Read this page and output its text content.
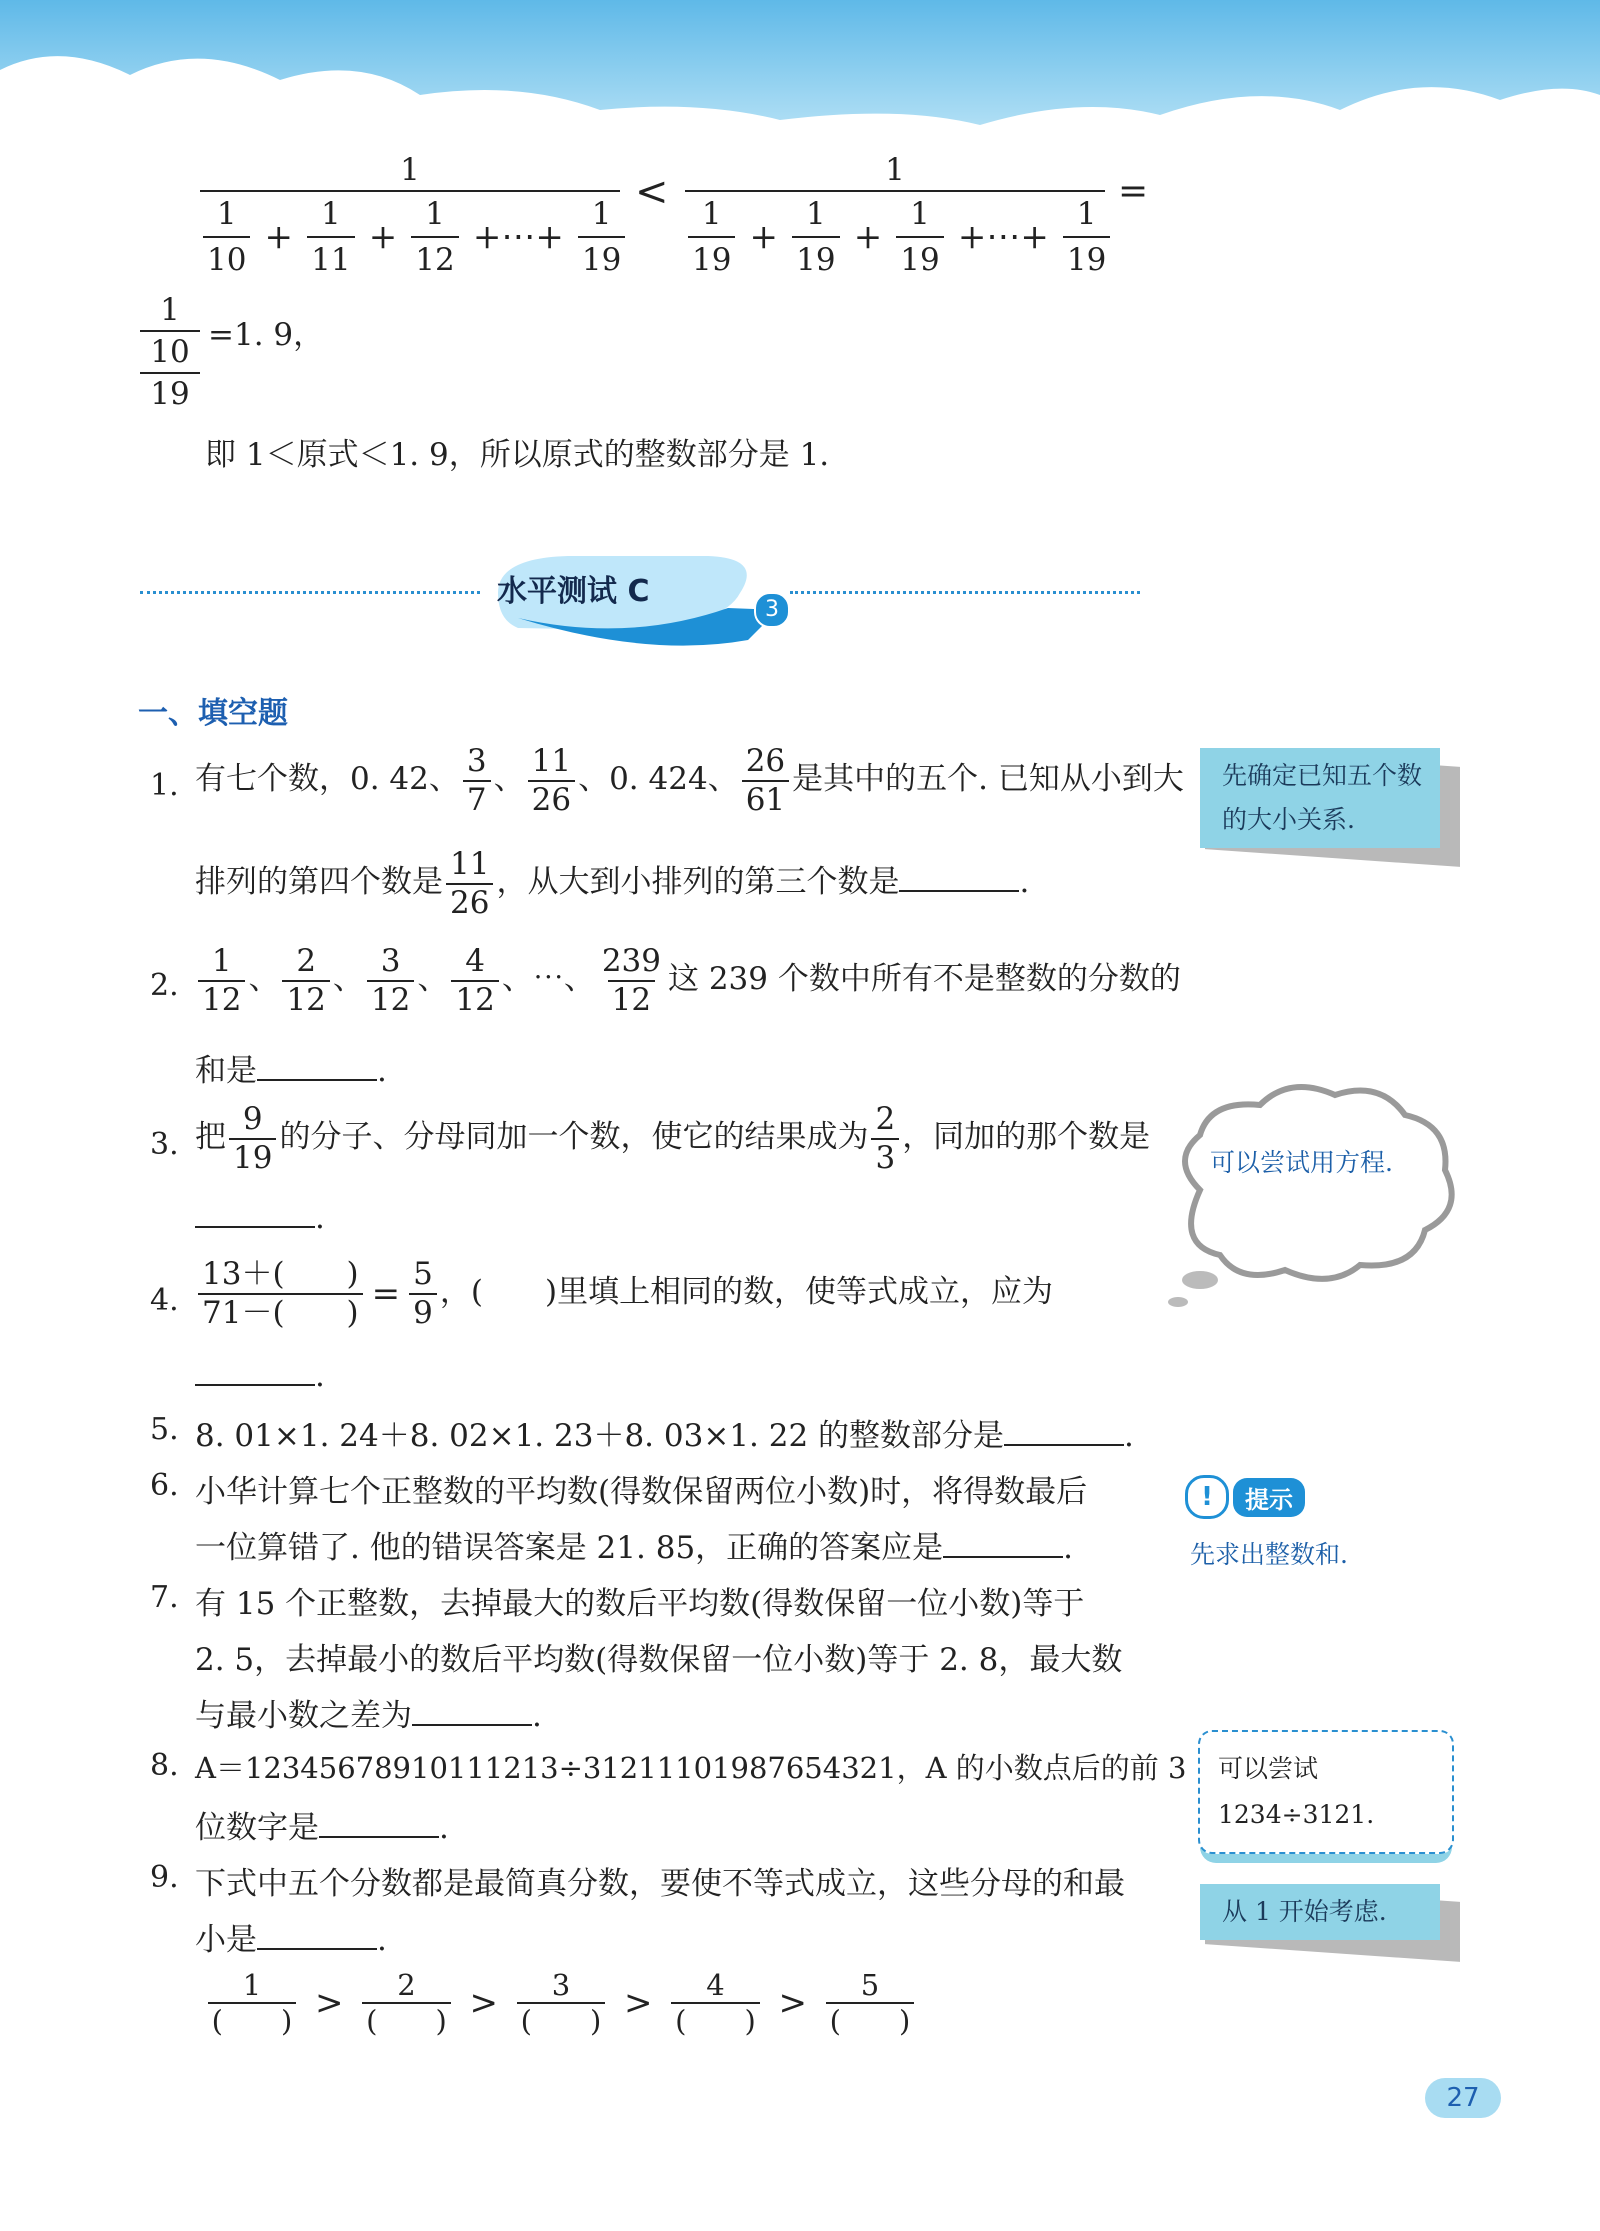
1
$\frac{1}{10} + \frac{1}{11} + \frac{1}{12}$ +⋯+ $\frac{1}{19}$
<	1
$\frac{1}{19} + \frac{1}{19} + \frac{1}{19}$ +⋯+ $\frac{1}{19}$
=
1
10
19
=1. 9，
即 1＜原式＜1. 9，所以原式的整数部分是 1.
水平测试 C
3
一、填空题
1. 有七个数，0. 42、 $\frac{3}{7}$ 、 $\frac{11}{26}$ 、0. 424、 $\frac{26}{61}$ 是其中的五个. 已知从小到大
排列的第四个数是 $\frac{11}{26}$ ，从大到小排列的第三个数是	.
2. $\frac{1}{12}$ 、 $\frac{2}{12}$ 、 $\frac{3}{12}$ 、 $\frac{4}{12}$ 、⋯、 $\frac{239}{12}$ 这 239 个数中所有不是整数的分数的
和是	.
3. 把 $\frac{9}{19}$ 的分子、分母同加一个数，使它的结果成为 $\frac{2}{3}$ ，同加的那个数是
.
4. $\frac{13+( )}{71-( )} = \frac{5}{9}$ ，(　　)里填上相同的数，使等式成立，应为
.
5. 8. 01×1. 24＋8. 02×1. 23＋8. 03×1. 22 的整数部分是	.
6. 小华计算七个正整数的平均数(得数保留两位小数)时，将得数最后
一位算错了. 他的错误答案是 21. 85，正确的答案应是	.
7. 有 15 个正整数，去掉最大的数后平均数(得数保留一位小数)等于
2. 5，去掉最小的数后平均数(得数保留一位小数)等于 2. 8，最大数
与最小数之差为	.
8. A＝12345678910111213÷31211101987654321，A 的小数点后的前 3
位数字是	.
9. 下式中五个分数都是最简真分数，要使不等式成立，这些分母的和最
小是	.
$\frac{1}{( )} > \frac{2}{( )} > \frac{3}{( )} > \frac{4}{( )} > \frac{5}{( )}$
先确定已知五个数的大小关系.
可以尝试用方程.
!	提示
先求出整数和.
可以尝试 1234÷3121.
从 1 开始考虑.
27
